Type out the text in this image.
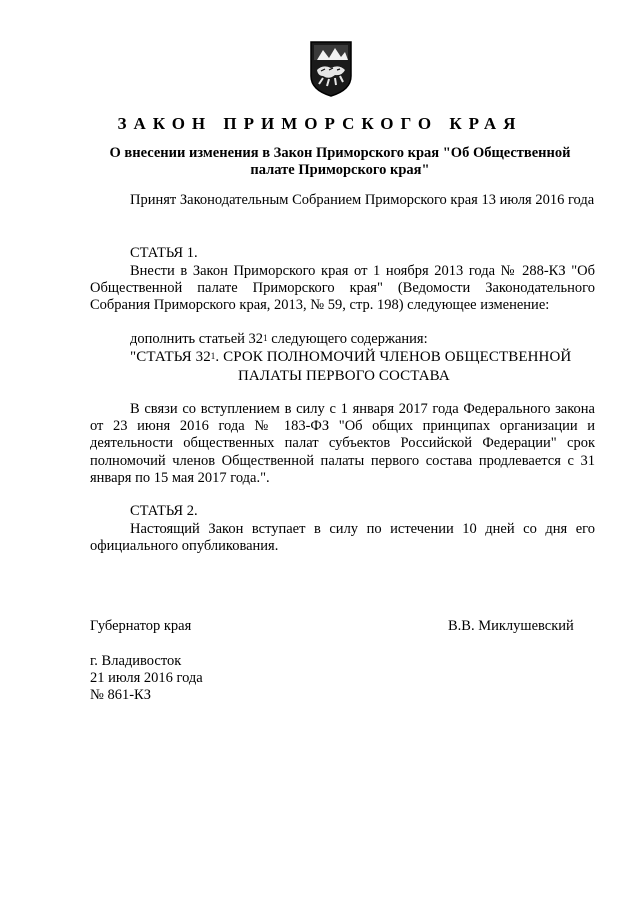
ЗАКОН ПРИМОРСКОГО КРАЯ
О внесении изменения в Закон Приморского края "Об Общественной
палате Приморского края"
Принят Законодательным Собранием Приморского края 13 июля 2016 года
СТАТЬЯ 1.
Внести в Закон Приморского края от 1 ноября 2013 года № 288-КЗ "Об Общественной палате Приморского края" (Ведомости Законодательного Собрания Приморского края, 2013, № 59, стр. 198) следующее изменение:
дополнить статьей $32^1$ следующего содержания:
"СТАТЬЯ $32^1$. СРОК ПОЛНОМОЧИЙ ЧЛЕНОВ ОБЩЕСТВЕННОЙ
ПАЛАТЫ ПЕРВОГО СОСТАВА
В связи со вступлением в силу с 1 января 2017 года Федерального закона от 23 июня 2016 года № 183-ФЗ "Об общих принципах организации и деятельности общественных палат субъектов Российской Федерации" срок полномочий членов Общественной палаты первого состава продлевается с 31 января по 15 мая 2017 года.".
СТАТЬЯ 2.
Настоящий Закон вступает в силу по истечении 10 дней со дня его официального опубликования.
Губернатор края	В.В. Миклушевский
г. Владивосток
21 июля 2016 года
№ 861-КЗ
